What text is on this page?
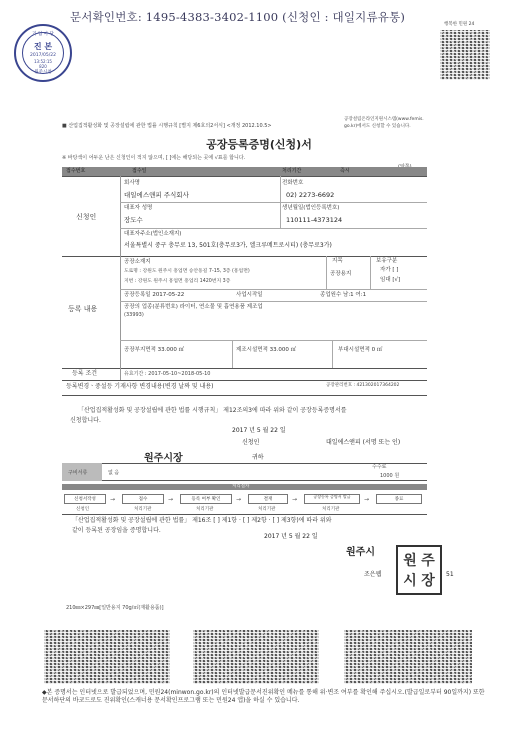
문서확인번호: 1495-4383-3402-1100 (신청인 : 대일지류유통)
기 업 마 당
진 본
2017/05/22
13:52:15
820
원주시청
행복한 민원 24
■ 산업집적활성화 및 공장설립에 관한 법률 시행규칙 [별지 제6호의2서식] <개정 2012.10.5>
공장설립온라인지원시스템(www.femis.
go.kr)에서도 신청할 수 있습니다.
공장등록증명(신청)서
※ 바탕색이 어두운 난은 신청인이 적지 않으며, [ ]에는 해당되는 곳에 √표를 합니다.
접수번호	접수일	처리기간	즉시
신청인
회사명
대일에스앤피 주식회사
전화번호
02) 2273-6692
대표자 성명
장도수
생년월일(법인등록번호)
110111-4373124
대표자주소(법인소재지)
서울특별시 중구 충무로 13, 501호(충무로3가, 엘크루메트로시티) (충무로3가)
등록 내용
공장소재지
도로명 : 강원도 원주시 흥업면 승안동길 7-15, 3층 (흥업면)
지번 : 강원도 원주시 흥업면 흥업리 1420번지 3층
지목
공장용지
보유구분
자가 [ ]
임대 [√]
공장등록일 2017-05-22	사업시작일	종업원수 남:1 여:1
공장의 업종(분류번호) 라이터, 연소물 및 흡연용품 제조업
(33993)
공장부지면적 33.000 ㎡	제조시설면적 33.000 ㎡	부대시설면적 0 ㎡
등록 조건	유효기간 : 2017-05-10~2018-05-10
등록변경ㆍ중설등 기재사항 변경내용(변경 날짜 및 내용)	공장관리번호 : 421302017364202
「산업집적활성화 및 공장설립에 관한 법률 시행규칙」 제12조의3에 따라 위와 같이 공장등록증명서를
신청합니다.
2017 년 5 월 22 일
신청인	대일에스앤피 (서명 또는 인)
원주시장	귀하
구비서류	없 음
수수료
1000 원
처리절차
신청서작성	→	접수	→	등록 여부 확인	→	결재	→	공장등록 증명서 발급	→	종료
신청인	처리기관	처리기관	처리기관	처리기관
「산업집적활성화 및 공장설립에 관한 법률」 제16조 [ ] 제1항 · [ ] 제2항 · [ ] 제3항)에 따라 위와
같이 등록된 공장임을 증명합니다.
2017 년 5 월 22 일
원주시
조은웹	51
원 주
시 장
210㎜×297㎜[일반용지 70g/㎡(재활용품)]
◆본 증명서는 인터넷으로 발급되었으며, 민원24(minwon.go.kr)의 인터넷발급문서진위확인 메뉴를 통해 위·변조 여부를 확인해 주십시오.(발급일로부터 90일까지) 또한 문서하단의 바코드로도 진위확인(스캐너용 문서확인프로그램 또는 민원24 앱)을 하실 수 있습니다.
